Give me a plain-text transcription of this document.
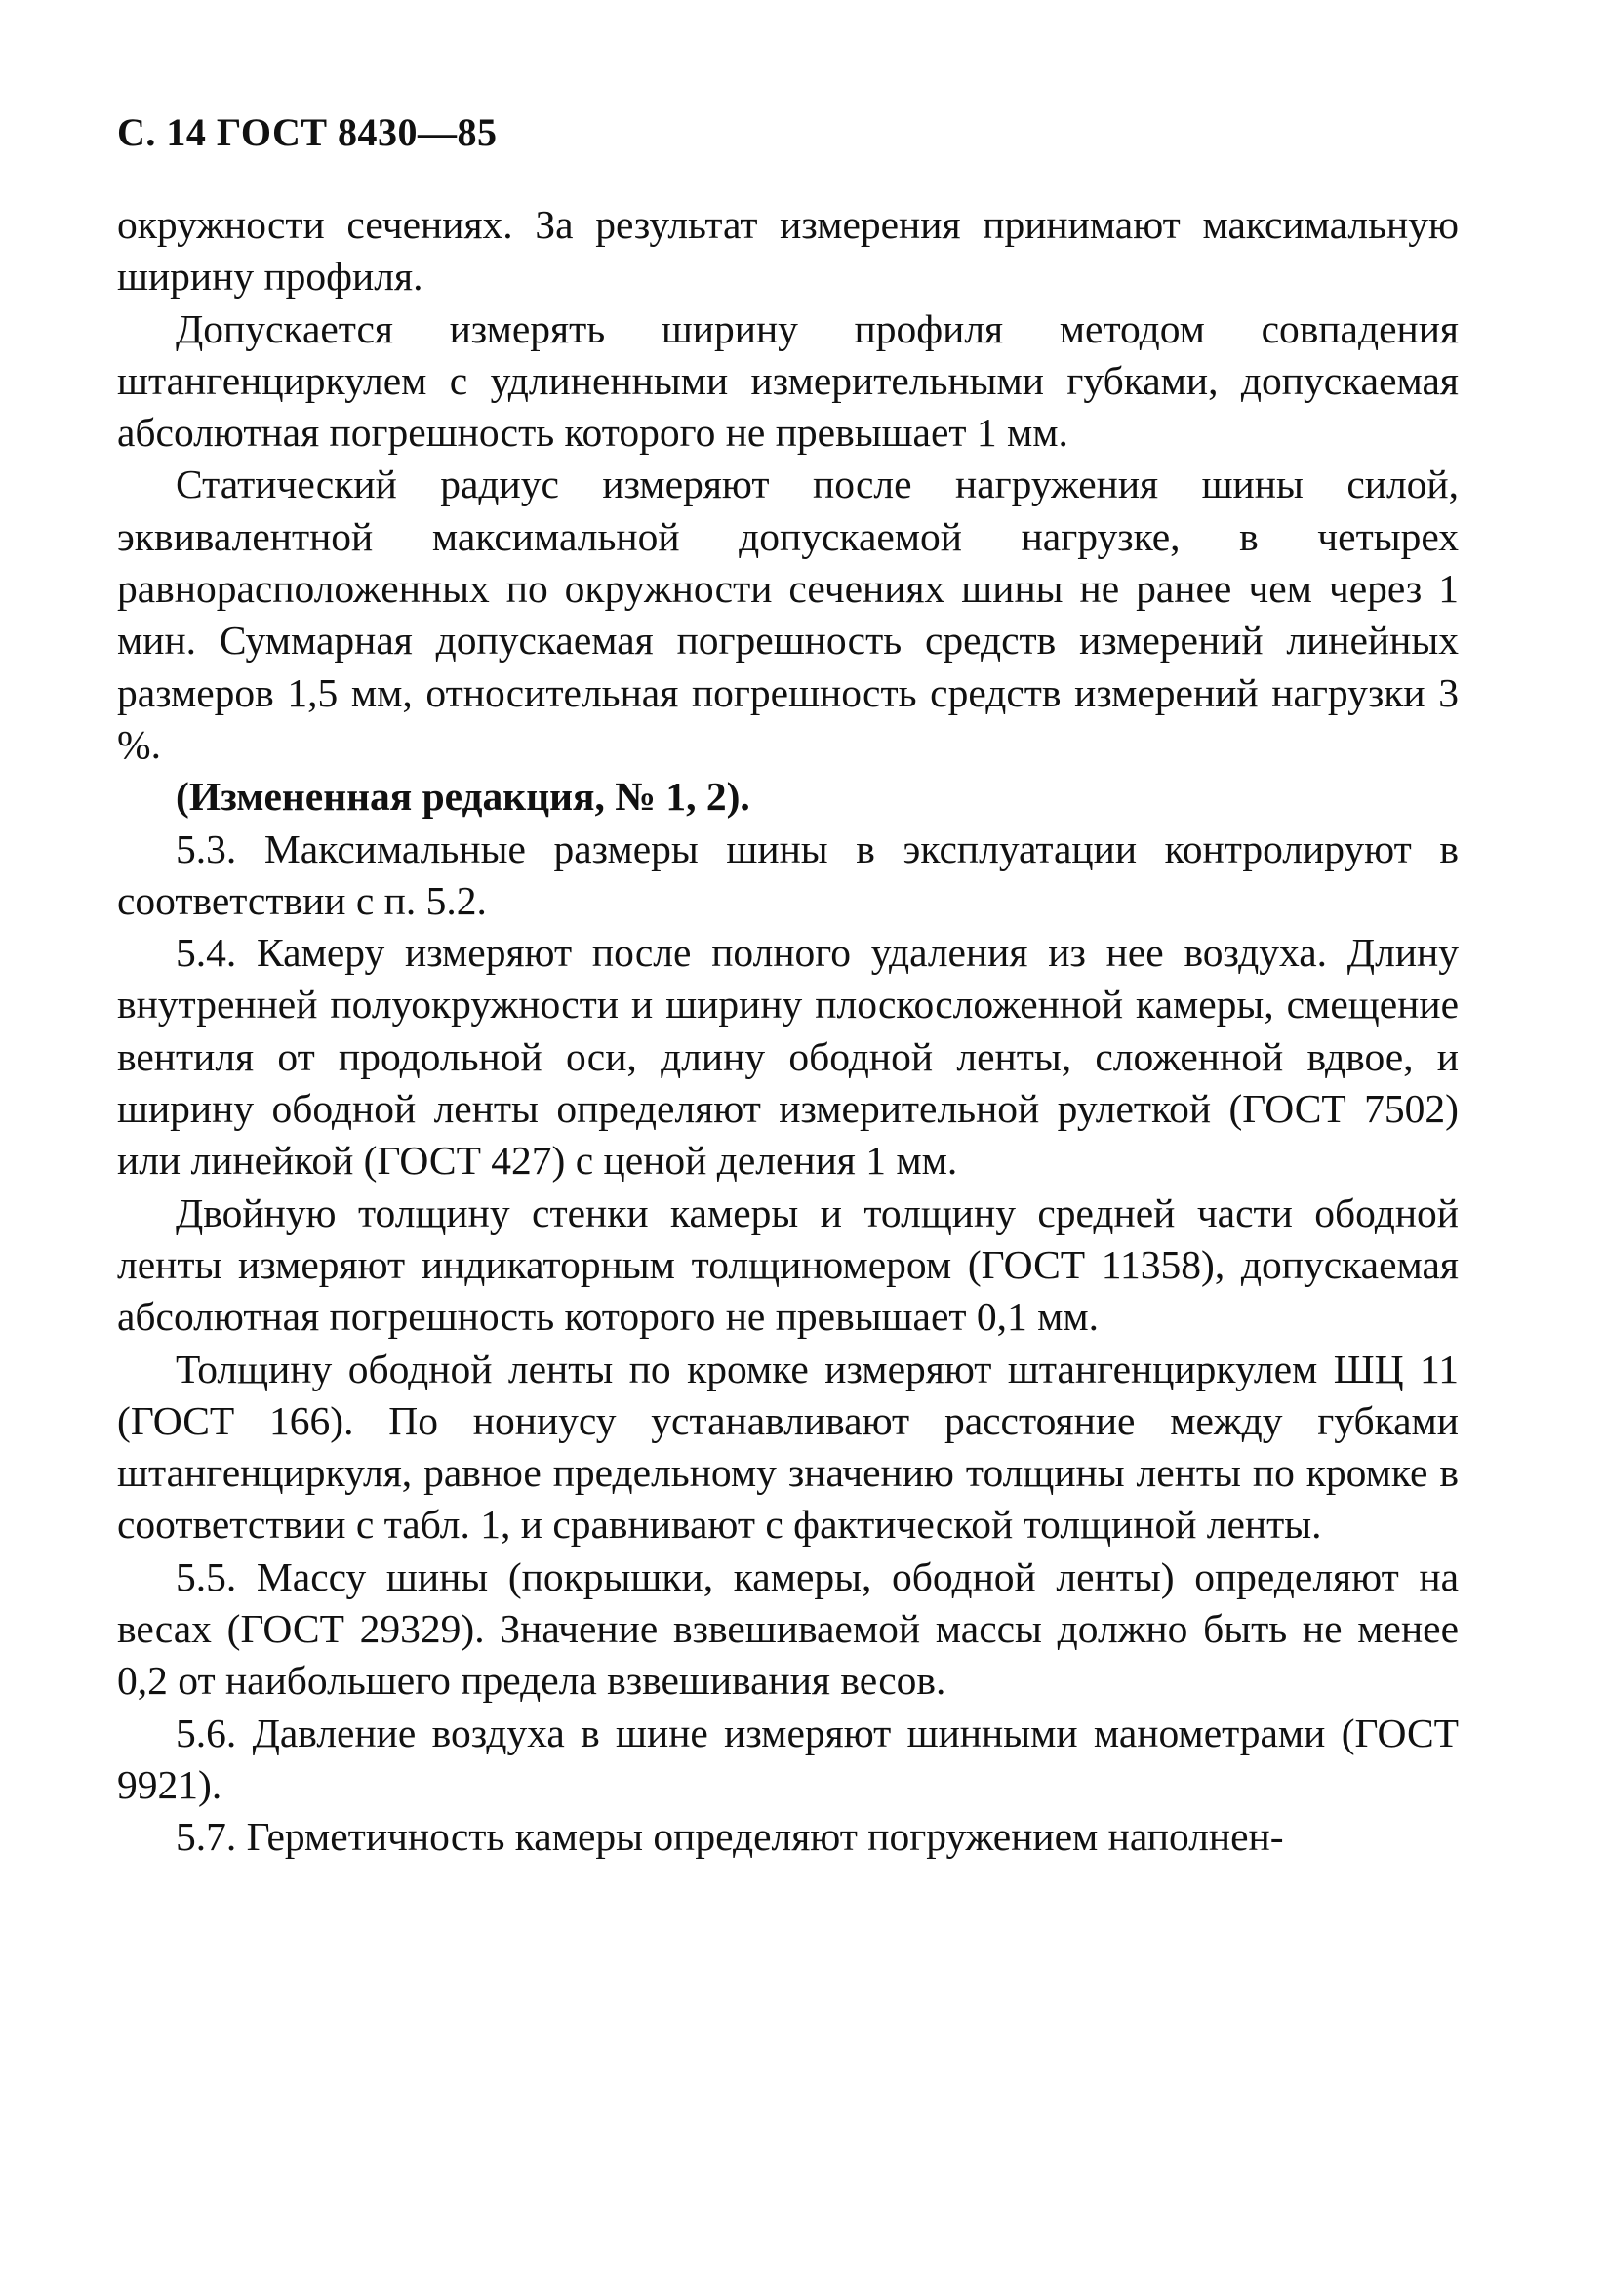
С. 14 ГОСТ 8430—85

окружности сечениях. За результат измерения принимают максимальную ширину профиля.

Допускается измерять ширину профиля методом совпадения штангенциркулем с удлиненными измерительными губками, допускаемая абсолютная погрешность которого не превышает 1 мм.

Статический радиус измеряют после нагружения шины силой, эквивалентной максимальной допускаемой нагрузке, в четырех равнорасположенных по окружности сечениях шины не ранее чем через 1 мин. Суммарная допускаемая погрешность средств измерений линейных размеров 1,5 мм, относительная погрешность средств измерений нагрузки 3 %.

(Измененная редакция, № 1, 2).

5.3. Максимальные размеры шины в эксплуатации контролируют в соответствии с п. 5.2.

5.4. Камеру измеряют после полного удаления из нее воздуха. Длину внутренней полуокружности и ширину плоскосложенной камеры, смещение вентиля от продольной оси, длину ободной ленты, сложенной вдвое, и ширину ободной ленты определяют измерительной рулеткой (ГОСТ 7502) или линейкой (ГОСТ 427) с ценой деления 1 мм.

Двойную толщину стенки камеры и толщину средней части ободной ленты измеряют индикаторным толщиномером (ГОСТ 11358), допускаемая абсолютная погрешность которого не превышает 0,1 мм.

Толщину ободной ленты по кромке измеряют штангенциркулем ШЦ 11 (ГОСТ 166). По нониусу устанавливают расстояние между губками штангенциркуля, равное предельному значению толщины ленты по кромке в соответствии с табл. 1, и сравнивают с фактической толщиной ленты.

5.5. Массу шины (покрышки, камеры, ободной ленты) определяют на весах (ГОСТ 29329). Значение взвешиваемой массы должно быть не менее 0,2 от наибольшего предела взвешивания весов.

5.6. Давление воздуха в шине измеряют шинными манометрами (ГОСТ 9921).

5.7. Герметичность камеры определяют погружением наполнен-
